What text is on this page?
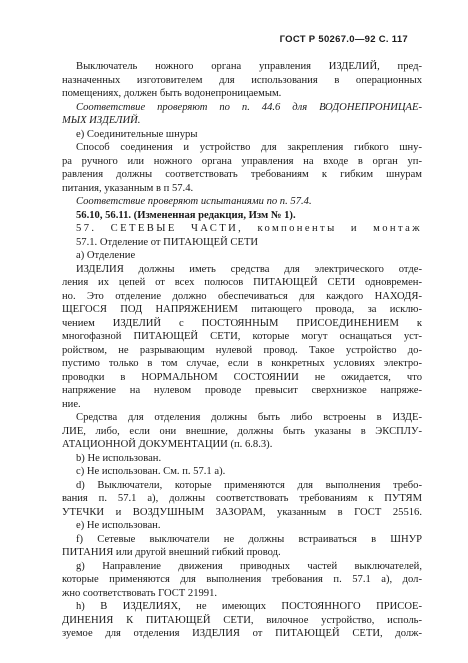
ГОСТ Р 50267.0—92 С. 117
Выключатель ножного органа управления ИЗДЕЛИЙ, пред-
назначенных изготовителем для использования в операционных
помещениях, должен быть водонепроницаемым.
Соответствие проверяют по п. 44.6 для ВОДОНЕПРОНИЦАЕ-
МЫХ ИЗДЕЛИЙ.
е) Соединительные шнуры
Способ соединения и устройство для закрепления гибкого шну-
ра ручного или ножного органа управления на входе в орган уп-
равления должны соответствовать требованиям к гибким шнурам
питания, указанным в п 57.4.
Соответствие проверяют испытаниями по п. 57.4.
56.10, 56.11. (Измененная редакция, Изм № 1).
57. СЕТЕВЫЕ ЧАСТИ, компоненты и монтаж
57.1. Отделение от ПИТАЮЩЕЙ СЕТИ
а) Отделение
ИЗДЕЛИЯ должны иметь средства для электрического отде-
ления их цепей от всех полюсов ПИТАЮЩЕЙ СЕТИ одновремен-
но. Это отделение должно обеспечиваться для каждого НАХОДЯ-
ЩЕГОСЯ ПОД НАПРЯЖЕНИЕМ питающего провода, за исклю-
чением ИЗДЕЛИЙ с ПОСТОЯННЫМ ПРИСОЕДИНЕНИЕМ к
многофазной ПИТАЮЩЕЙ СЕТИ, которые могут оснащаться уст-
ройством, не разрывающим нулевой провод. Такое устройство до-
пустимо только в том случае, если в конкретных условиях электро-
проводки в НОРМАЛЬНОМ СОСТОЯНИИ не ожидается, что
напряжение на нулевом проводе превысит сверхнизкое напряже-
ние.
Средства для отделения должны быть либо встроены в ИЗДЕ-
ЛИЕ, либо, если они внешние, должны быть указаны в ЭКСПЛУ-
АТАЦИОННОЙ ДОКУМЕНТАЦИИ (п. 6.8.3).
b) Не использован.
с) Не использован. См. п. 57.1 а).
d) Выключатели, которые применяются для выполнения требо-
вания п. 57.1 а), должны соответствовать требованиям к ПУТЯМ
УТЕЧКИ и ВОЗДУШНЫМ ЗАЗОРАМ, указанным в ГОСТ 25516.
е) Не использован.
f) Сетевые выключатели не должны встраиваться в ШНУР
ПИТАНИЯ или другой внешний гибкий провод.
g) Направление движения приводных частей выключателей,
которые применяются для выполнения требования п. 57.1 а), дол-
жно соответствовать ГОСТ 21991.
h) В ИЗДЕЛИЯХ, не имеющих ПОСТОЯННОГО ПРИСОЕ-
ДИНЕНИЯ К ПИТАЮЩЕЙ СЕТИ, вилочное устройство, исполь-
зуемое для отделения ИЗДЕЛИЯ от ПИТАЮЩЕЙ СЕТИ, долж-
